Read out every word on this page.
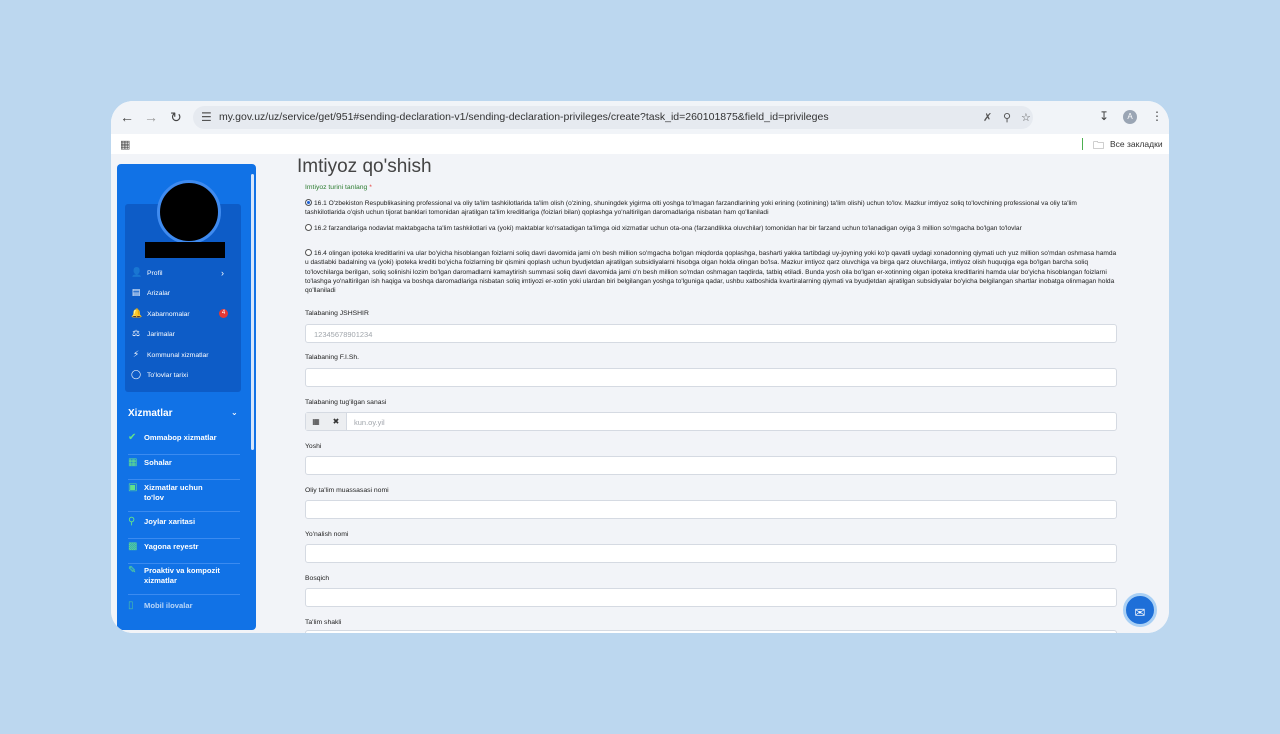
← → ↻ ☰ my.gov.uz/uz/service/get/951#sending-declaration-v1/sending-declaration-privileges/create?task_id=260101875&field_id=privileges	✗ ⚲ ☆	↧	A	⋮
▦	🗀 Все закладки
👤 Profil	›
▤ Arizalar
🔔 Xabarnomalar	4
⚖ Jarimalar
⚡ Kommunal xizmatlar
◯ To'lovlar tarixi
Xizmatlar	⌄
✔ Ommabop xizmatlar
▦ Sohalar
▣ Xizmatlar uchun to'lov
⚲ Joylar xaritasi
▩ Yagona reyestr
✎ Proaktiv va kompozit xizmatlar
▯ Mobil ilovalar
Imtiyoz qo'shish
Imtiyoz turini tanlang *
16.1 O'zbekiston Respublikasining professional va oliy ta'lim tashkilotlarida ta'lim olish (o'zining, shuningdek yigirma olti yoshga to'lmagan farzandlarining yoki erining (xotinining) ta'lim olishi) uchun to'lov. Mazkur imtiyoz soliq to'lovchining professional va oliy ta'lim tashkilotlarida o'qish uchun tijorat banklari tomonidan ajratilgan ta'lim kreditlariga (foizlari bilan) qoplashga yo'naltirilgan daromadlariga nisbatan ham qo'llaniladi
16.2 farzandlariga nodavlat maktabgacha ta'lim tashkilotlari va (yoki) maktablar ko'rsatadigan ta'limga oid xizmatlar uchun ota-ona (farzandlikka oluvchilar) tomonidan har bir farzand uchun to'lanadigan oyiga 3 million so'mgacha bo'lgan to'lovlar
16.4 olingan ipoteka kreditlarini va ular bo'yicha hisoblangan foizlarni soliq davri davomida jami o'n besh million so'mgacha bo'lgan miqdorda qoplashga, basharti yakka tartibdagi uy-joyning yoki ko'p qavatli uydagi xonadonning qiymati uch yuz million so'mdan oshmasa hamda u dastlabki badalning va (yoki) ipoteka krediti bo'yicha foizlarning bir qismini qoplash uchun byudjetdan ajratilgan subsidiyalarni hisobga olgan holda olingan bo'lsa. Mazkur imtiyoz qarz oluvchiga va birga qarz oluvchilarga, imtiyoz olish huquqiga ega bo'lgan barcha soliq to'lovchilarga berilgan, soliq solinishi lozim bo'lgan daromadlarni kamaytirish summasi soliq davri davomida jami o'n besh million so'mdan oshmagan taqdirda, tatbiq etiladi. Bunda yosh oila bo'lgan er-xotinning olgan ipoteka kreditlarini hamda ular bo'yicha hisoblangan foizlarni to'lashga yo'naltirilgan ish haqiga va boshqa daromadlariga nisbatan soliq imtiyozi er-xotin yoki ulardan biri belgilangan yoshga to'lguniga qadar, ushbu xatboshida kvartiralarning qiymati va byudjetdan ajratilgan subsidiyalar bo'yicha belgilangan shartlar inobatga olinmagan holda qo'llaniladi
Talabaning JSHSHIR
12345678901234
Talabaning F.I.Sh.
Talabaning tug'ilgan sanasi
▦	✖	kun.oy.yil
Yoshi
Oliy ta'lim muassasasi nomi
Yo'nalish nomi
Bosqich
Ta'lim shakli
✉
